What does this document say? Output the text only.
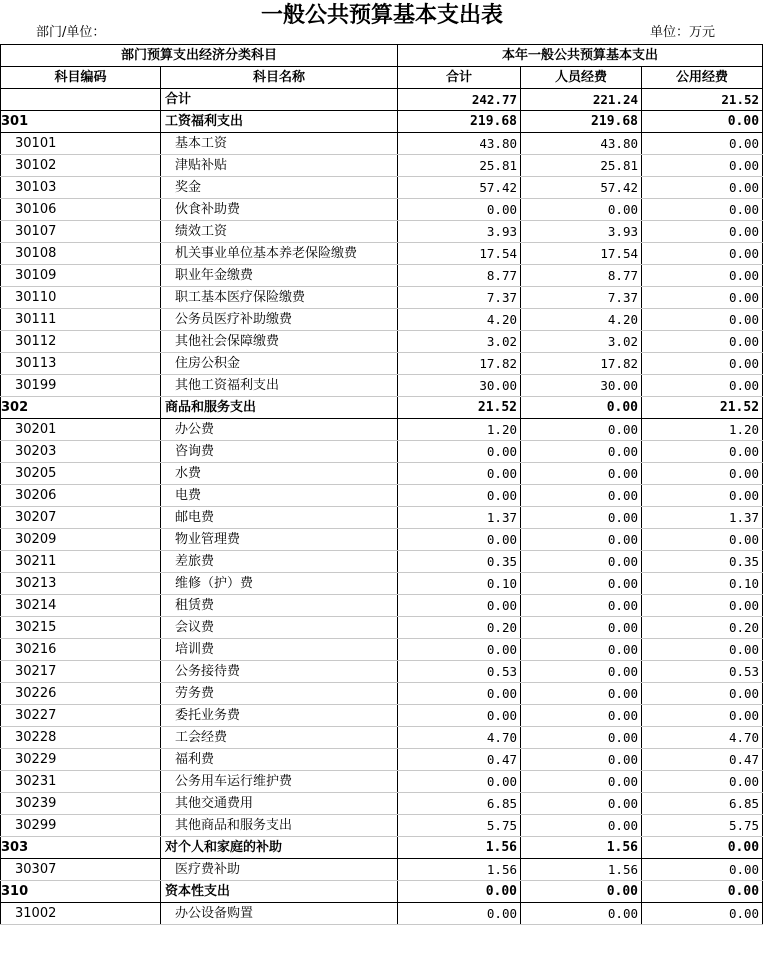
一般公共预算基本支出表
部门/单位：	单位：万元
部门预算支出经济分类科目		本年一般公共预算基本支出		
科目编码	科目名称	合计	人员经费	公用经费
	合计	242.77	221.24	21.52
301	工资福利支出	219.68	219.68	0.00
30101	基本工资	43.80	43.80	0.00
30102	津贴补贴	25.81	25.81	0.00
30103	奖金	57.42	57.42	0.00
30106	伙食补助费	0.00	0.00	0.00
30107	绩效工资	3.93	3.93	0.00
30108	机关事业单位基本养老保险缴费	17.54	17.54	0.00
30109	职业年金缴费	8.77	8.77	0.00
30110	职工基本医疗保险缴费	7.37	7.37	0.00
30111	公务员医疗补助缴费	4.20	4.20	0.00
30112	其他社会保障缴费	3.02	3.02	0.00
30113	住房公积金	17.82	17.82	0.00
30199	其他工资福利支出	30.00	30.00	0.00
302	商品和服务支出	21.52	0.00	21.52
30201	办公费	1.20	0.00	1.20
30203	咨询费	0.00	0.00	0.00
30205	水费	0.00	0.00	0.00
30206	电费	0.00	0.00	0.00
30207	邮电费	1.37	0.00	1.37
30209	物业管理费	0.00	0.00	0.00
30211	差旅费	0.35	0.00	0.35
30213	维修（护）费	0.10	0.00	0.10
30214	租赁费	0.00	0.00	0.00
30215	会议费	0.20	0.00	0.20
30216	培训费	0.00	0.00	0.00
30217	公务接待费	0.53	0.00	0.53
30226	劳务费	0.00	0.00	0.00
30227	委托业务费	0.00	0.00	0.00
30228	工会经费	4.70	0.00	4.70
30229	福利费	0.47	0.00	0.47
30231	公务用车运行维护费	0.00	0.00	0.00
30239	其他交通费用	6.85	0.00	6.85
30299	其他商品和服务支出	5.75	0.00	5.75
303	对个人和家庭的补助	1.56	1.56	0.00
30307	医疗费补助	1.56	1.56	0.00
310	资本性支出	0.00	0.00	0.00
31002	办公设备购置	0.00	0.00	0.00
